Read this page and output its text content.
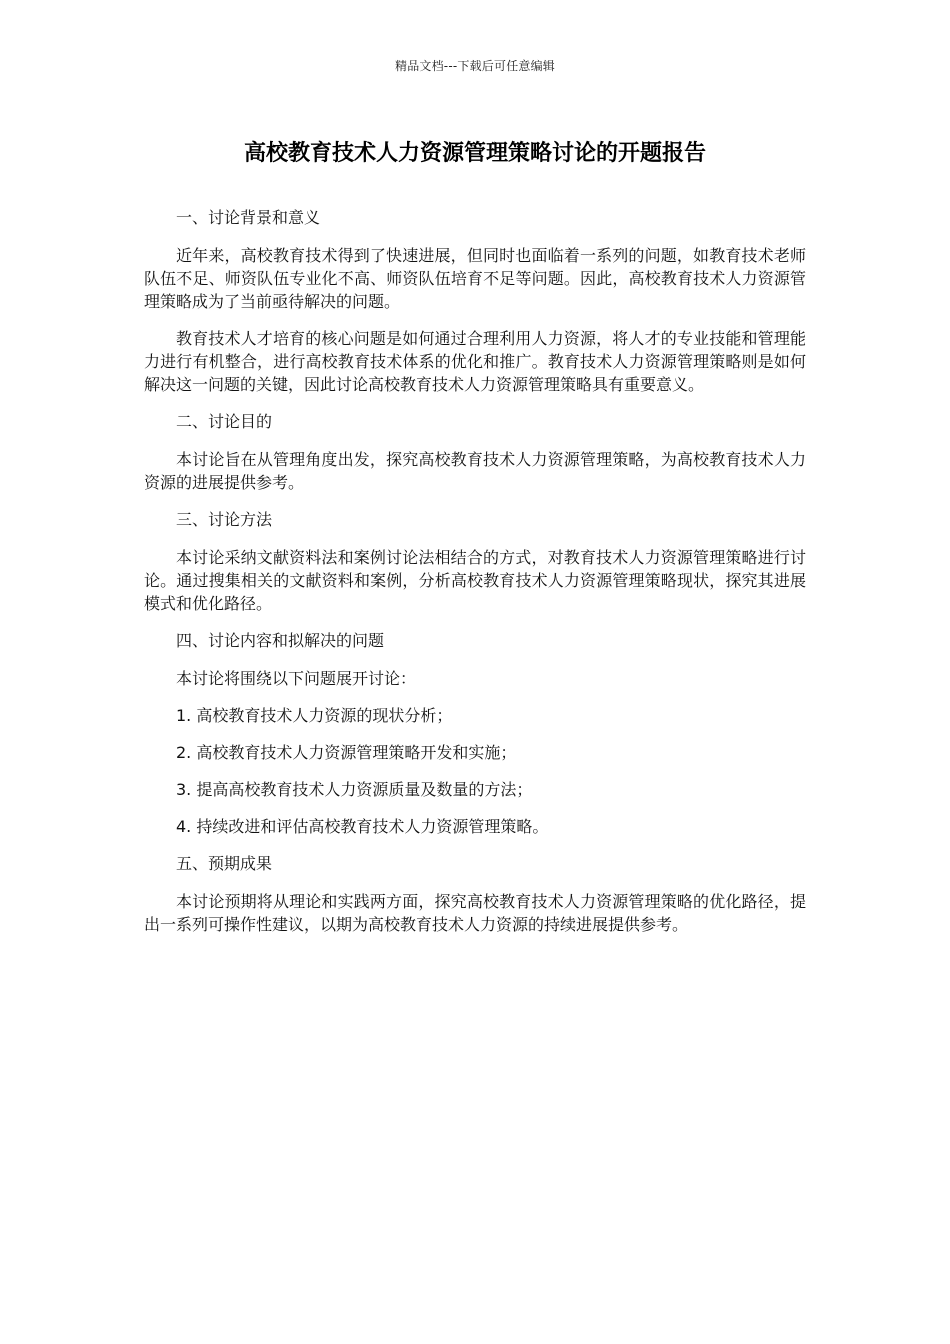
精品文档---下载后可任意编辑
高校教育技术人力资源管理策略讨论的开题报告

一、讨论背景和意义

近年来，高校教育技术得到了快速进展，但同时也面临着一系列的问题，如教育技术老师队伍不足、师资队伍专业化不高、师资队伍培育不足等问题。因此，高校教育技术人力资源管理策略成为了当前亟待解决的问题。

教育技术人才培育的核心问题是如何通过合理利用人力资源，将人才的专业技能和管理能力进行有机整合，进行高校教育技术体系的优化和推广。教育技术人力资源管理策略则是如何解决这一问题的关键，因此讨论高校教育技术人力资源管理策略具有重要意义。

二、讨论目的

本讨论旨在从管理角度出发，探究高校教育技术人力资源管理策略，为高校教育技术人力资源的进展提供参考。

三、讨论方法

本讨论采纳文献资料法和案例讨论法相结合的方式，对教育技术人力资源管理策略进行讨论。通过搜集相关的文献资料和案例，分析高校教育技术人力资源管理策略现状，探究其进展模式和优化路径。

四、讨论内容和拟解决的问题

本讨论将围绕以下问题展开讨论：

1. 高校教育技术人力资源的现状分析；

2. 高校教育技术人力资源管理策略开发和实施；

3. 提高高校教育技术人力资源质量及数量的方法；

4. 持续改进和评估高校教育技术人力资源管理策略。

五、预期成果

本讨论预期将从理论和实践两方面，探究高校教育技术人力资源管理策略的优化路径，提出一系列可操作性建议，以期为高校教育技术人力资源的持续进展提供参考。
